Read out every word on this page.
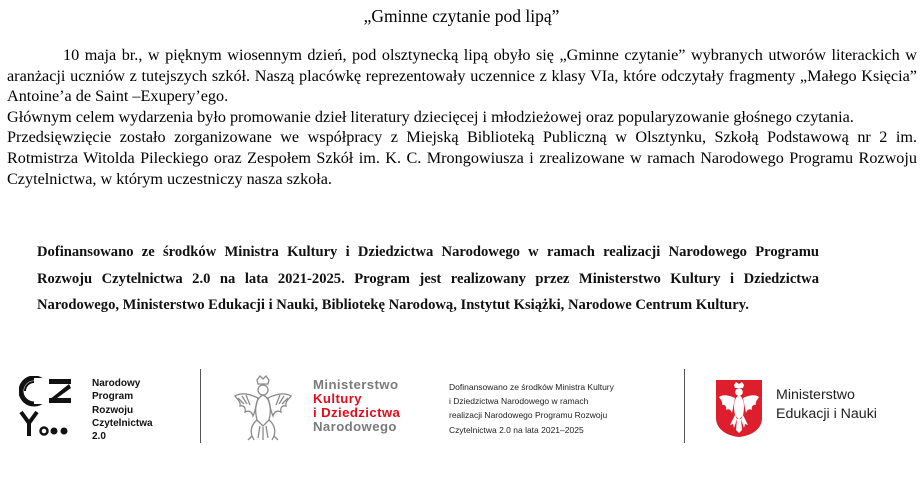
„Gminne czytanie pod lipą”

10 maja br., w pięknym wiosennym dzień, pod olsztynecką lipą obyło się „Gminne czytanie” wybranych utworów literackich w aranżacji uczniów z tutejszych szkół. Naszą placówkę reprezentowały uczennice z klasy VIa, które odczytały fragmenty „Małego Księcia” Antoine’a de Saint –Exupery’ego.

Głównym celem wydarzenia było promowanie dzieł literatury dziecięcej i młodzieżowej oraz popularyzowanie głośnego czytania.

Przedsięwzięcie zostało zorganizowane we współpracy z Miejską Biblioteką Publiczną w Olsztynku, Szkołą Podstawową nr 2 im. Rotmistrza Witolda Pileckiego oraz Zespołem Szkół im. K. C. Mrongowiusza i zrealizowane w ramach Narodowego Programu Rozwoju Czytelnictwa, w którym uczestniczy nasza szkoła.

Dofinansowano ze środków Ministra Kultury i Dziedzictwa Narodowego w ramach realizacji Narodowego Programu Rozwoju Czytelnictwa 2.0 na lata 2021-2025. Program jest realizowany przez Ministerstwo Kultury i Dziedzictwa Narodowego, Ministerstwo Edukacji i Nauki, Bibliotekę Narodową, Instytut Książki, Narodowe Centrum Kultury.

Narodowy
Program
Rozwoju
Czytelnictwa
2.0
Ministerstwo
Kultury
i Dziedzictwa
Narodowego
Dofinansowano ze środków Ministra Kultury
i Dziedzictwa Narodowego w ramach
realizacji Narodowego Programu Rozwoju
Czytelnictwa 2.0 na lata 2021–2025
Ministerstwo
Edukacji i Nauki
